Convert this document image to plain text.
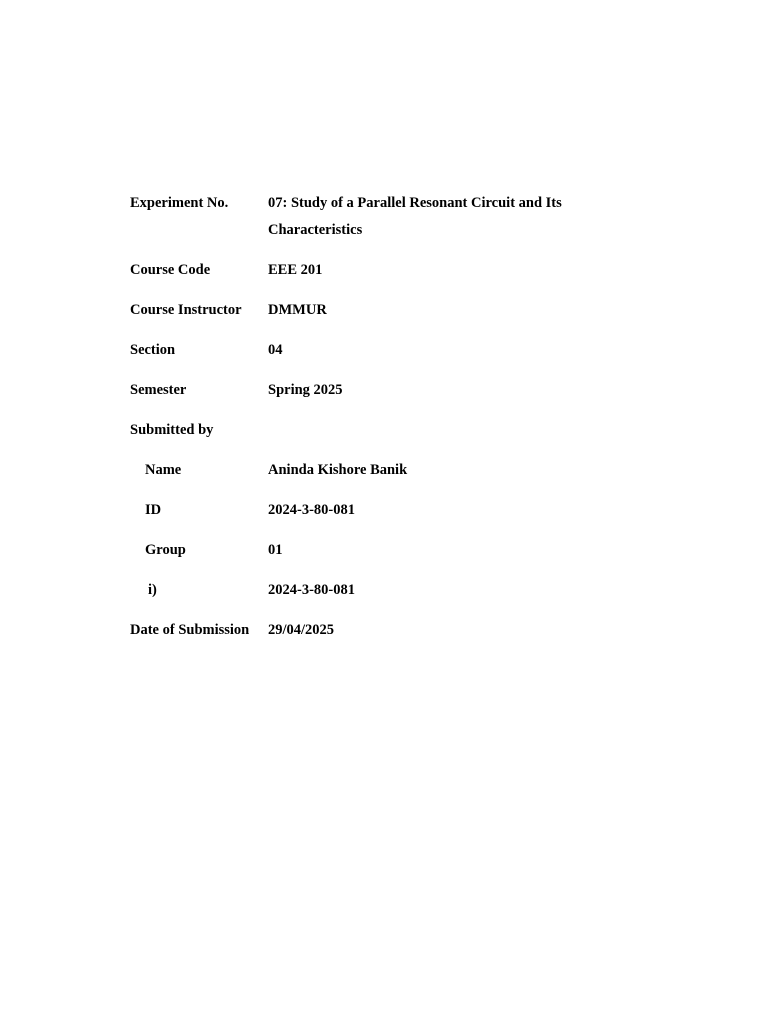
Experiment No.	07: Study of a Parallel Resonant Circuit and Its
Characteristics
Course Code	EEE 201
Course Instructor	DMMUR
Section	04
Semester	Spring 2025
Submitted by
Name	Aninda Kishore Banik
ID	2024-3-80-081
Group	01
i)	2024-3-80-081
Date of Submission	29/04/2025
